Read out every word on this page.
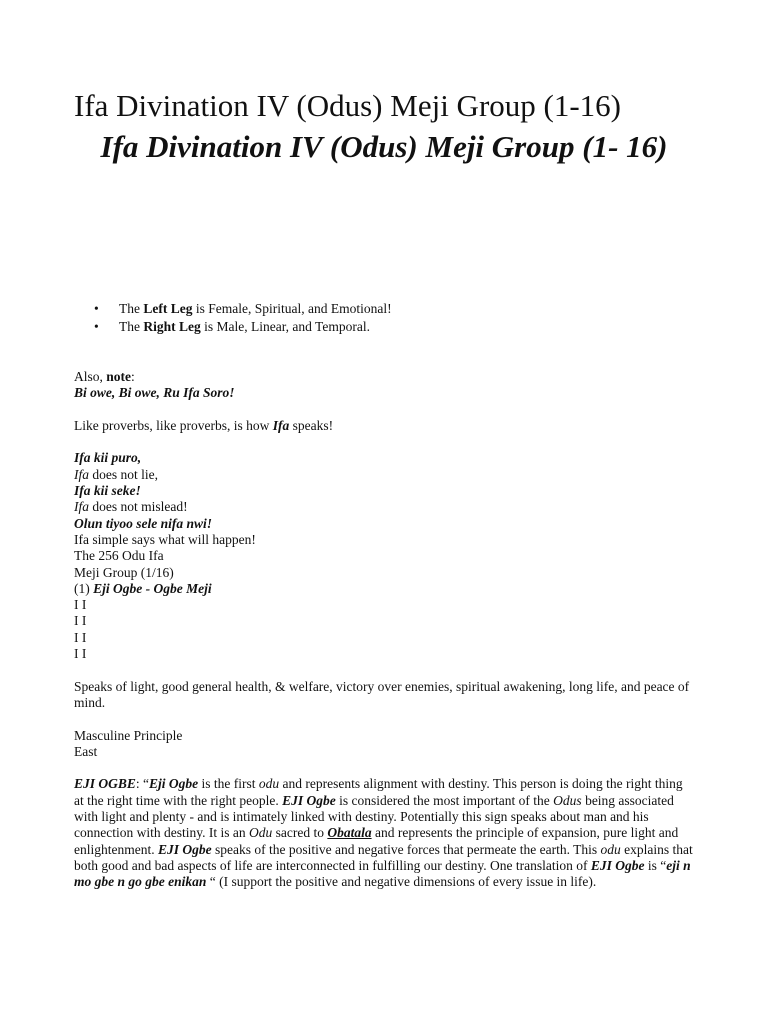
Ifa Divination IV (Odus) Meji Group (1-16)
Ifa Divination IV (Odus) Meji Group (1- 16)
• The Left Leg is Female, Spiritual, and Emotional!
• The Right Leg is Male, Linear, and Temporal.
Also, note:
Bi owe, Bi owe, Ru Ifa Soro!
Like proverbs, like proverbs, is how Ifa speaks!
Ifa kii puro,
Ifa does not lie,
Ifa kii seke!
Ifa does not mislead!
Olun tiyoo sele nifa nwi!
Ifa simple says what will happen!
The 256 Odu Ifa
Meji Group (1/16)
(1) Eji Ogbe - Ogbe Meji
I I
I I
I I
I I
Speaks of light, good general health, & welfare, victory over enemies, spiritual awakening, long life, and peace of mind.
Masculine Principle
East
EJI OGBE: “Eji Ogbe is the first odu and represents alignment with destiny. This person is doing the right thing at the right time with the right people. EJI Ogbe is considered the most important of the Odus being associated with light and plenty - and is intimately linked with destiny. Potentially this sign speaks about man and his connection with destiny. It is an Odu sacred to Obatala and represents the principle of expansion, pure light and enlightenment. EJI Ogbe speaks of the positive and negative forces that permeate the earth. This odu explains that both good and bad aspects of life are interconnected in fulfilling our destiny. One translation of EJI Ogbe is “eji n mo gbe n go gbe enikan “ (I support the positive and negative dimensions of every issue in life).
